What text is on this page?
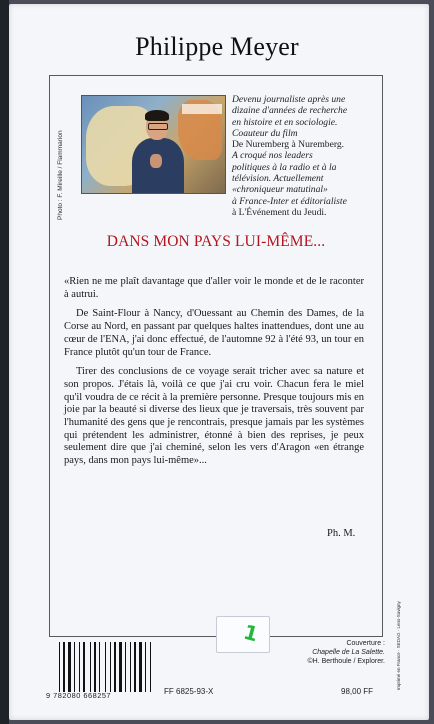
Philippe Meyer
Photo : F. Mireille / Flammarion
Devenu journaliste après une
dizaine d'années de recherche
en histoire et en sociologie.
Coauteur du film
De Nuremberg à Nuremberg.
A croqué nos leaders
politiques à la radio et à la
télévision. Actuellement
«chroniqueur matutinal»
à France-Inter et éditorialiste
à L'Événement du Jeudi.
DANS MON PAYS LUI-MÊME...

«Rien ne me plaît davantage que d'aller voir le monde et de le raconter à autrui.

De Saint-Flour à Nancy, d'Ouessant au Chemin des Dames, de la Corse au Nord, en passant par quelques haltes inattendues, dont une au cœur de l'ENA, j'ai donc effectué, de l'automne 92 à l'été 93, un tour en France plutôt qu'un tour de France.

Tirer des conclusions de ce voyage serait tricher avec sa nature et son propos. J'étais là, voilà ce que j'ai cru voir. Chacun fera le miel qu'il voudra de ce récit à la première personne. Presque toujours mis en joie par la beauté si diverse des lieux que je traversais, très souvent par l'humanité des gens que je rencontrais, presque jamais par les systèmes qui prétendent les administrer, étonné à bien des reprises, je peux seulement dire que j'ai cheminé, selon les vers d'Aragon «en étrange pays, dans mon pays lui-même»...

Ph. M.
1
9 782080 668257	FF 6825-93-X	98,00 FF
Couverture :
Chapelle de La Salette.
©H. Berthoule / Explorer. Imprimé en France · SEDAG · Lens-Savigny
